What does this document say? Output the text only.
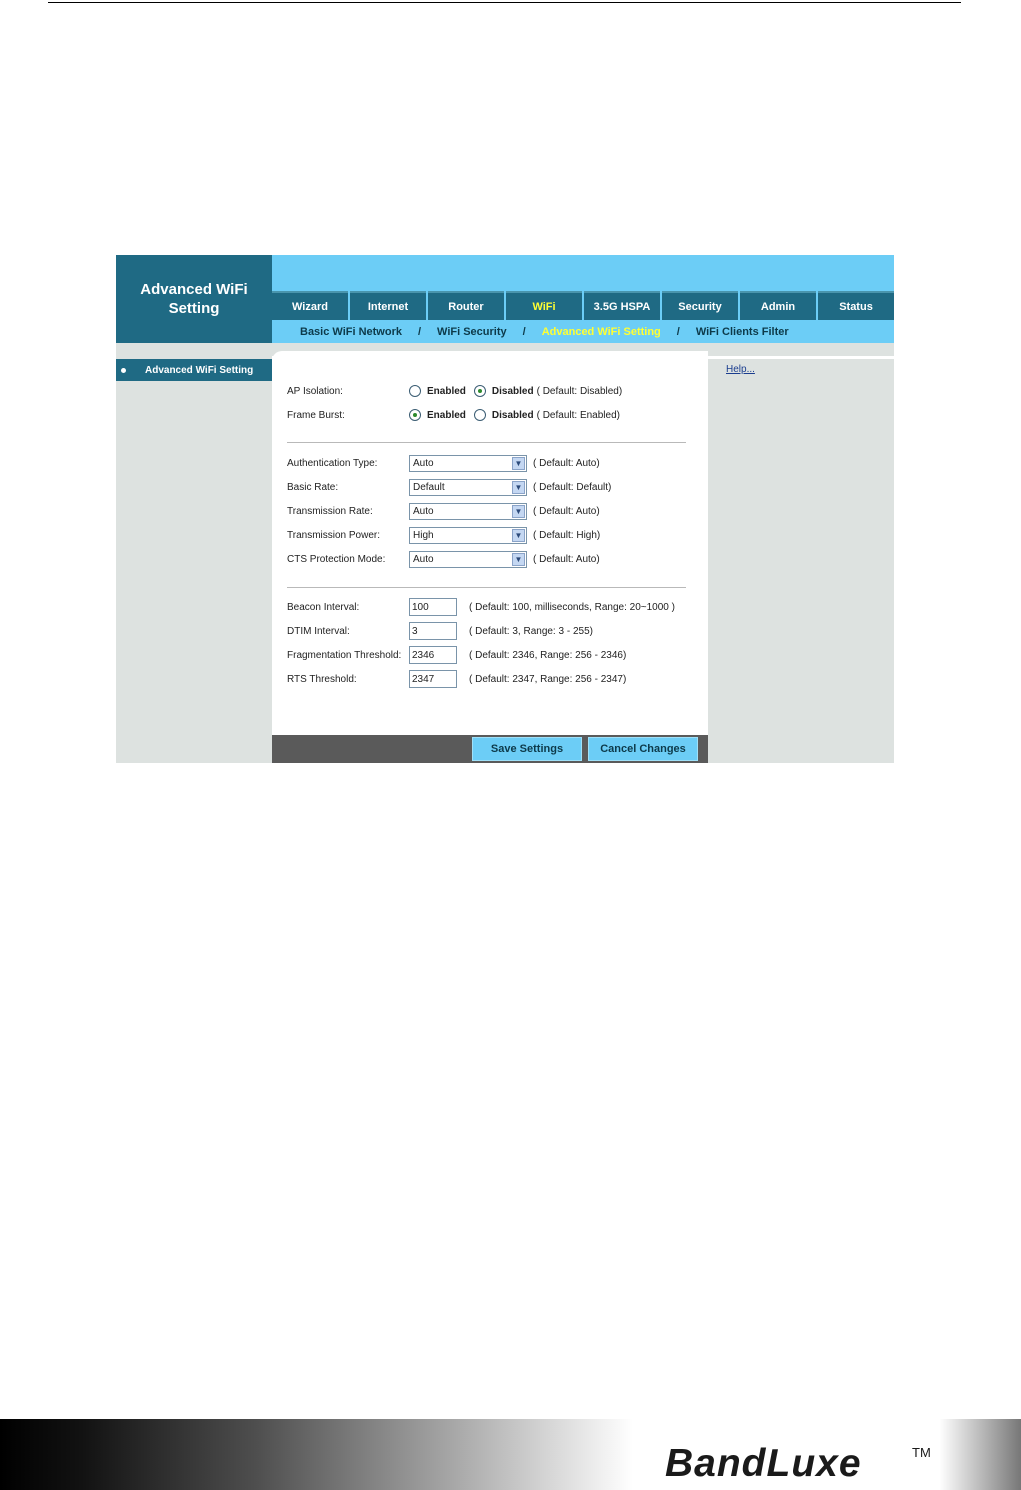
Advanced WiFi Setting	Wizard	Internet	Router	WiFi	3.5G HSPA	Security	Admin	Status
Basic WiFi Network / WiFi Security / Advanced WiFi Setting / WiFi Clients Filter
Advanced WiFi Setting	Help...
AP Isolation:	Enabled	Disabled ( Default: Disabled)
Frame Burst:	Enabled	Disabled ( Default: Enabled)
Authentication Type:	Auto	▼ ( Default: Auto)
Basic Rate:	Default	▼ ( Default: Default)
Transmission Rate:	Auto	▼ ( Default: Auto)
Transmission Power:	High	▼ ( Default: High)
CTS Protection Mode:	Auto	▼ ( Default: Auto)
Beacon Interval:	100	( Default: 100, milliseconds, Range: 20~1000 )
DTIM Interval:	3	( Default: 3, Range: 3 - 255)
Fragmentation Threshold:	2346	( Default: 2346, Range: 256 - 2346)
RTS Threshold:	2347	( Default: 2347, Range: 256 - 2347)
Save Settings	Cancel Changes
BandLuxe	TM
